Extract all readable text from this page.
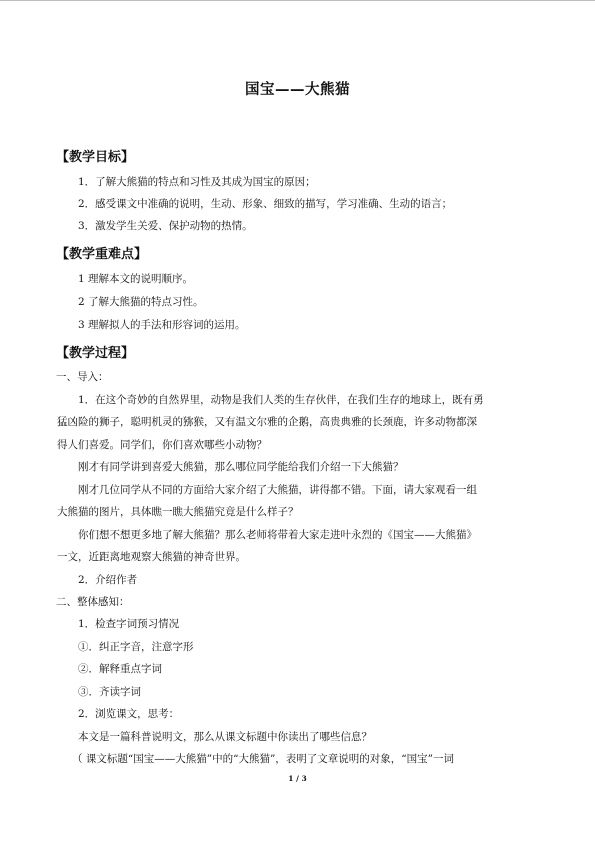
国宝——大熊猫
【教学目标】
1．了解大熊猫的特点和习性及其成为国宝的原因；
2．感受课文中准确的说明，生动、形象、细致的描写，学习准确、生动的语言；
3．激发学生关爱、保护动物的热情。
【教学重难点】
1 理解本文的说明顺序。
2 了解大熊猫的特点习性。
3 理解拟人的手法和形容词的运用。
【教学过程】
一、导入：
1．在这个奇妙的自然界里，动物是我们人类的生存伙伴，在我们生存的地球上，既有勇
猛凶险的狮子，聪明机灵的猕猴，又有温文尔雅的企鹅，高贵典雅的长颈鹿，许多动物都深
得人们喜爱。同学们，你们喜欢哪些小动物？
刚才有同学讲到喜爱大熊猫，那么哪位同学能给我们介绍一下大熊猫？
刚才几位同学从不同的方面给大家介绍了大熊猫，讲得都不错。下面，请大家观看一组
大熊猫的图片，具体瞧一瞧大熊猫究竟是什么样子？
你们想不想更多地了解大熊猫？那么老师将带着大家走进叶永烈的《国宝——大熊猫》
一文，近距离地观察大熊猫的神奇世界。
2．介绍作者
二、整体感知：
1．检查字词预习情况
①．纠正字音，注意字形
②．解释重点字词
③．齐读字词
2．浏览课文，思考：
本文是一篇科普说明文，那么从课文标题中你读出了哪些信息？
（ 课文标题“国宝——大熊猫”中的“大熊猫”，表明了文章说明的对象，“国宝”一词
1 / 3
